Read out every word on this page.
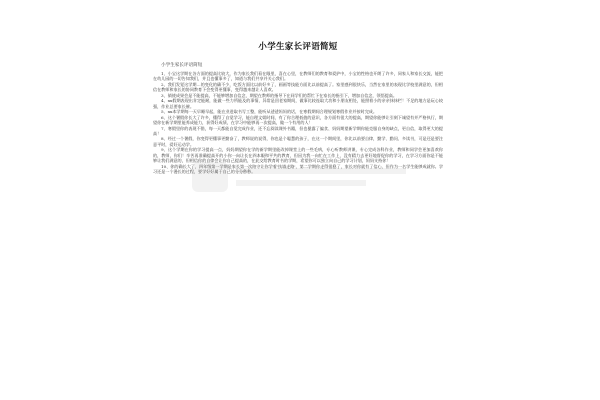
小学生家长评语简短
小学生家长评语简短

1、小宝这学期在各方面的提高比较大，作为家长我们看在眼里，喜在心里，在教师们的教育和爱护中，小宝的性格也开朗了许多，同家人和家长交流，能把在幼儿园的一切告知我们，并且也懂事多了，知道与我们共享并关心我们。

2、我们发觉这学期…的变化的确不少，吃饭方面比以前好多了，画画等技能方面比以前提高了。家里感到很快乐，当然在家里的表现比学校里满意的，但相信在教师和家长的协同教育下会变得更懂事，变得越来越让人喜欢。

3、倘使成果会是不能提高，不能够增加自信念，期望在教师的指导下在同学们的帮忙下在家长的指引下，增加自信念，领悟提高。

4、xx假期表现出肯定能耐，能做一些力所能及的事情，异常是回老家期间，做事比较连取大功和小朋友相处，能照着小的亲亲抹抹栏！不足的地方是玩心较强，作业总要家长催。

5、xx本学期每一天早睡早起，能在业进取书写工整，能听从爸爸妈妈的话，在寒假期间合理规划寒假作业并按时完成。

6、这个暑假你长大了许多，懂得了自觉学习，能自理文娱时间，有了你合理低值的意识，各方面有很大的提高，期望你能够让引刻下诚望有并严格执行，期望你在新学期里能养成能力，获得好成绩，在学习中能够再一次提高，做一个有用的人！

7、寒假里你的表现不错，每一天都能自觉完成作业，还不忘阅读课外书籍，但也暴露了偏食、妈妈期望新学期你能克服自身的缺点，更自信，取得更大的提高！

8、经过一个暑假，你变得更懂事更勤奋了，教师说的说得，你也是个聪慧的孩子，在这一个期间里，你比以前要自律，勤学、勤问、多读书，可是还是要注意平时，爱好运动学。

9、这个学期在你的学习提高一点，妈妈期望你在学的新学期里能改掉课堂上的一些毛病，专心听教师讲课，专心完成各科作业，教师和同学会更加喜欢你的，教师，你们！辛苦再准确提高开的小你一向让长在四本眼和平共的教育，但因为我一向忙在工作上，没有精力去更好地督促你的学习，在学习方面你是不能够让我们满意的，但相信你的自律会让你自己提高的，在此交给教育时书的学期，希望你可以独立向自己的学习计划，妈妈支持你！

10、你的确长大了，四年级第一学期是家长第一次陪守让你学着'扶墙走路'，第二学期你走得很稳了，家长对你就有了信心，但作为一名学生能够成就你。学习还是一个漫长的过程，要学好好属于自己的分分秒秒。
